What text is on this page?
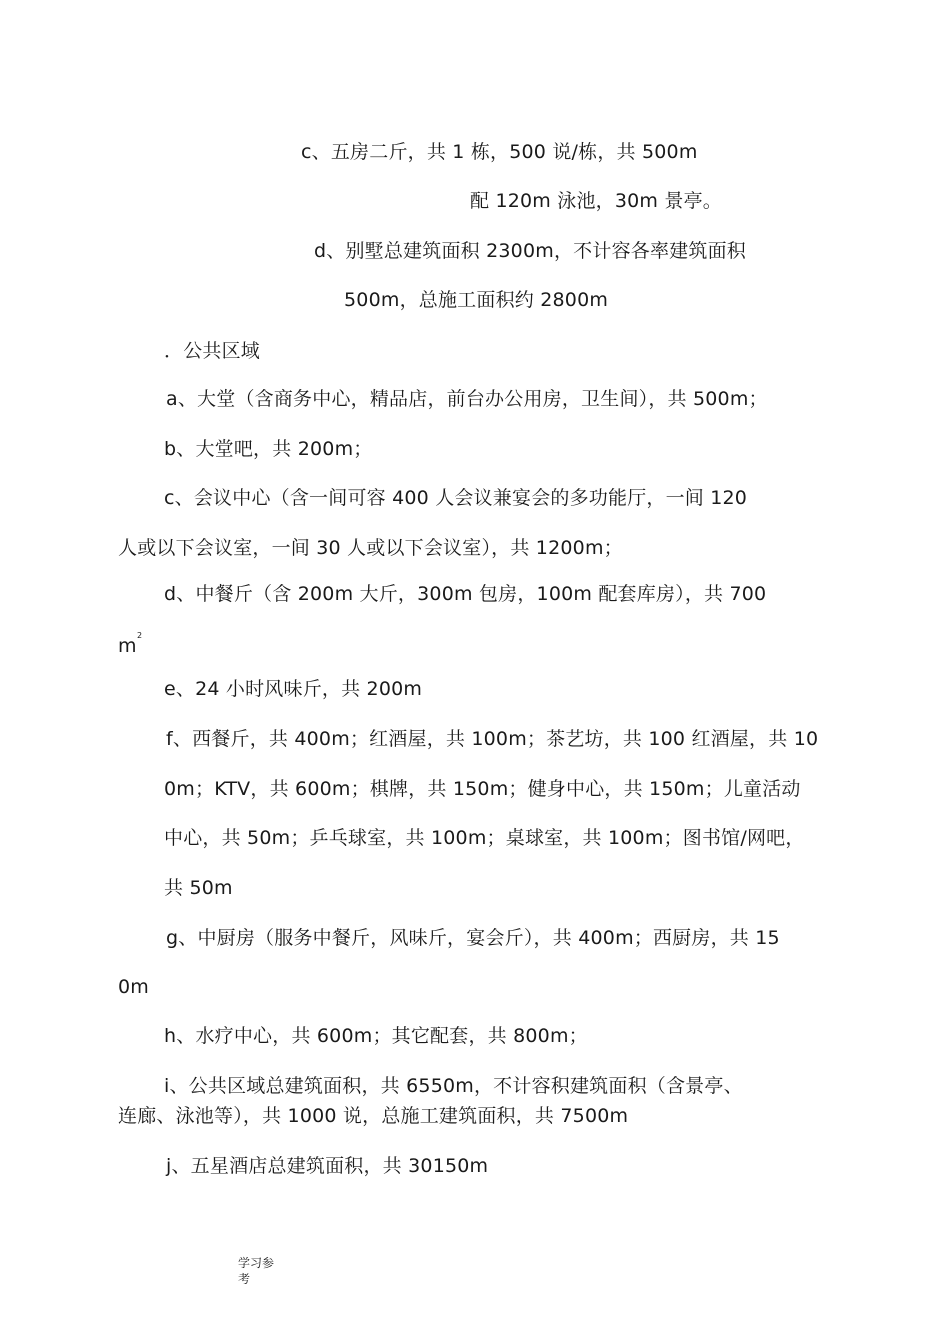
c、五房二斤，共 1 栋，500 说/栋，共 500m
配 120m 泳池，30m 景亭。
d、别墅总建筑面积 2300m，不计容各率建筑面积
500m，总施工面积约 2800m
．公共区域
a、大堂（含商务中心，精品店，前台办公用房，卫生间），共 500m；
b、大堂吧，共 200m；
c、会议中心（含一间可容 400 人会议兼宴会的多功能厅，一间 120
人或以下会议室，一间 30 人或以下会议室），共 1200m；
d、中餐斤（含 200m 大斤，300m 包房，100m 配套库房），共 700
m 2
e、24 小时风味斤，共 200m
f、西餐斤，共 400m；红酒屋，共 100m；茶艺坊，共 100 红酒屋，共 10
0m；KTV，共 600m；棋牌，共 150m；健身中心，共 150m；儿童活动
中心，共 50m；乒乓球室，共 100m；桌球室，共 100m；图书馆/网吧，
共 50m
g、中厨房（服务中餐斤，风味斤，宴会斤），共 400m；西厨房，共 15
0m
h、水疗中心，共 600m；其它配套，共 800m；
i、公共区域总建筑面积，共 6550m，不计容积建筑面积（含景亭、
连廊、泳池等），共 1000 说，总施工建筑面积，共 7500m
j、五星酒店总建筑面积，共 30150m
学习参
考
